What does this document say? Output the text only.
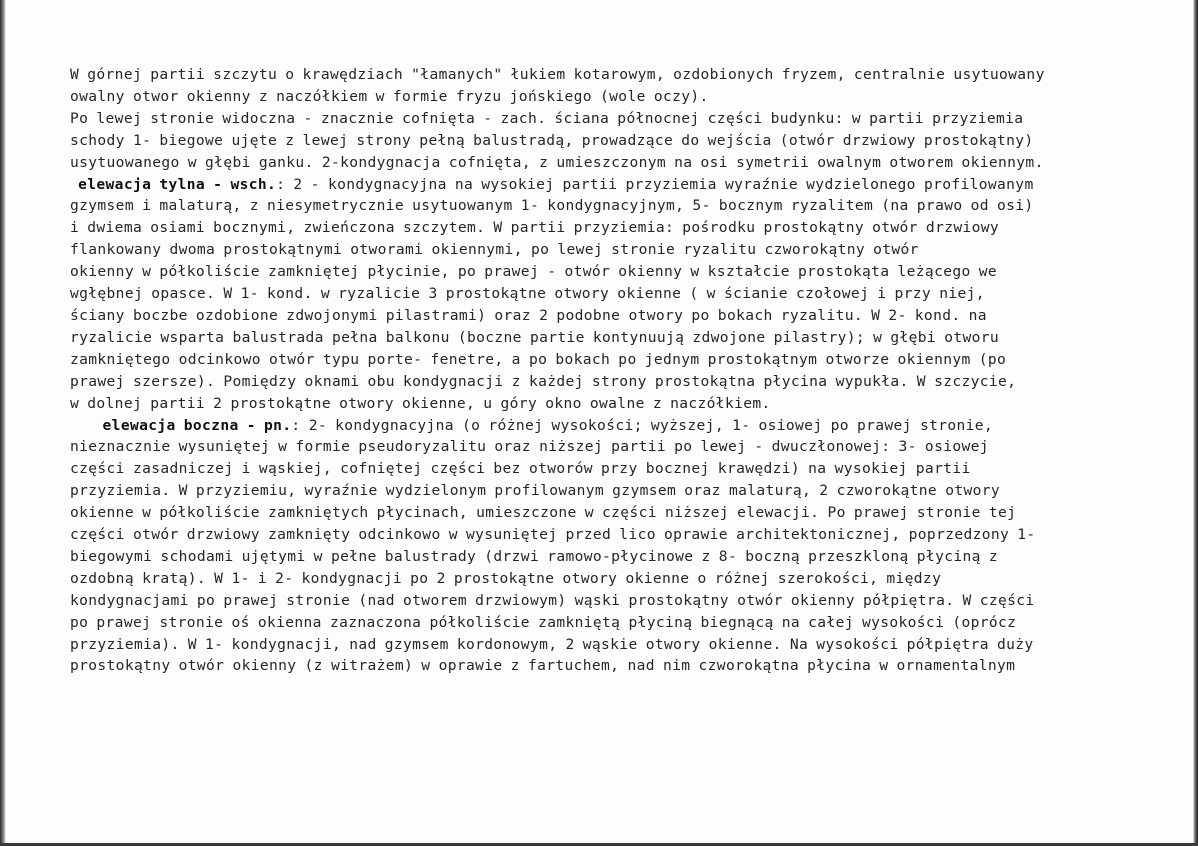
W górnej partii szczytu o krawędziach "łamanych" łukiem kotarowym, ozdobionych fryzem, centralnie usytuowany
owalny otwor okienny z naczółkiem w formie fryzu jońskiego (wole oczy).
Po lewej stronie widoczna - znacznie cofnięta - zach. ściana północnej części budynku: w partii przyziemia
schody 1- biegowe ujęte z lewej strony pełną balustradą, prowadzące do wejścia (otwór drzwiowy prostokątny)
usytuowanego w głębi ganku. 2-kondygnacja cofnięta, z umieszczonym na osi symetrii owalnym otworem okiennym.
elewacja tylna - wsch.: 2 - kondygnacyjna na wysokiej partii przyziemia wyraźnie wydzielonego profilowanym
gzymsem i malaturą, z niesymetrycznie usytuowanym 1- kondygnacyjnym, 5- bocznym ryzalitem (na prawo od osi)
i dwiema osiami bocznymi, zwieńczona szczytem. W partii przyziemia: pośrodku prostokątny otwór drzwiowy
flankowany dwoma prostokątnymi otworami okiennymi, po lewej stronie ryzalitu czworokątny otwór
okienny w półkoliście zamkniętej płycinie, po prawej - otwór okienny w kształcie prostokąta leżącego we
wgłębnej opasce. W 1- kond. w ryzalicie 3 prostokątne otwory okienne ( w ścianie czołowej i przy niej,
ściany boczbe ozdobione zdwojonymi pilastrami) oraz 2 podobne otwory po bokach ryzalitu. W 2- kond. na
ryzalicie wsparta balustrada pełna balkonu (boczne partie kontynuują zdwojone pilastry); w głębi otworu
zamkniętego odcinkowo otwór typu porte- fenetre, a po bokach po jednym prostokątnym otworze okiennym (po
prawej szersze). Pomiędzy oknami obu kondygnacji z każdej strony prostokątna płycina wypukła. W szczycie,
w dolnej partii 2 prostokątne otwory okienne, u góry okno owalne z naczółkiem.
elewacja boczna - pn.: 2- kondygnacyjna (o różnej wysokości; wyższej, 1- osiowej po prawej stronie,
nieznacznie wysuniętej w formie pseudoryzalitu oraz niższej partii po lewej - dwuczłonowej: 3- osiowej
części zasadniczej i wąskiej, cofniętej części bez otworów przy bocznej krawędzi) na wysokiej partii
przyziemia. W przyziemiu, wyraźnie wydzielonym profilowanym gzymsem oraz malaturą, 2 czworokątne otwory
okienne w półkoliście zamkniętych płycinach, umieszczone w części niższej elewacji. Po prawej stronie tej
części otwór drzwiowy zamknięty odcinkowo w wysuniętej przed lico oprawie architektonicznej, poprzedzony 1-
biegowymi schodami ujętymi w pełne balustrady (drzwi ramowo-płycinowe z 8- boczną przeszkloną płyciną z
ozdobną kratą). W 1- i 2- kondygnacji po 2 prostokątne otwory okienne o różnej szerokości, między
kondygnacjami po prawej stronie (nad otworem drzwiowym) wąski prostokątny otwór okienny półpiętra. W części
po prawej stronie oś okienna zaznaczona półkoliście zamkniętą płyciną biegnącą na całej wysokości (oprócz
przyziemia). W 1- kondygnacji, nad gzymsem kordonowym, 2 wąskie otwory okienne. Na wysokości półpiętra duży
prostokątny otwór okienny (z witrażem) w oprawie z fartuchem, nad nim czworokątna płycina w ornamentalnym
